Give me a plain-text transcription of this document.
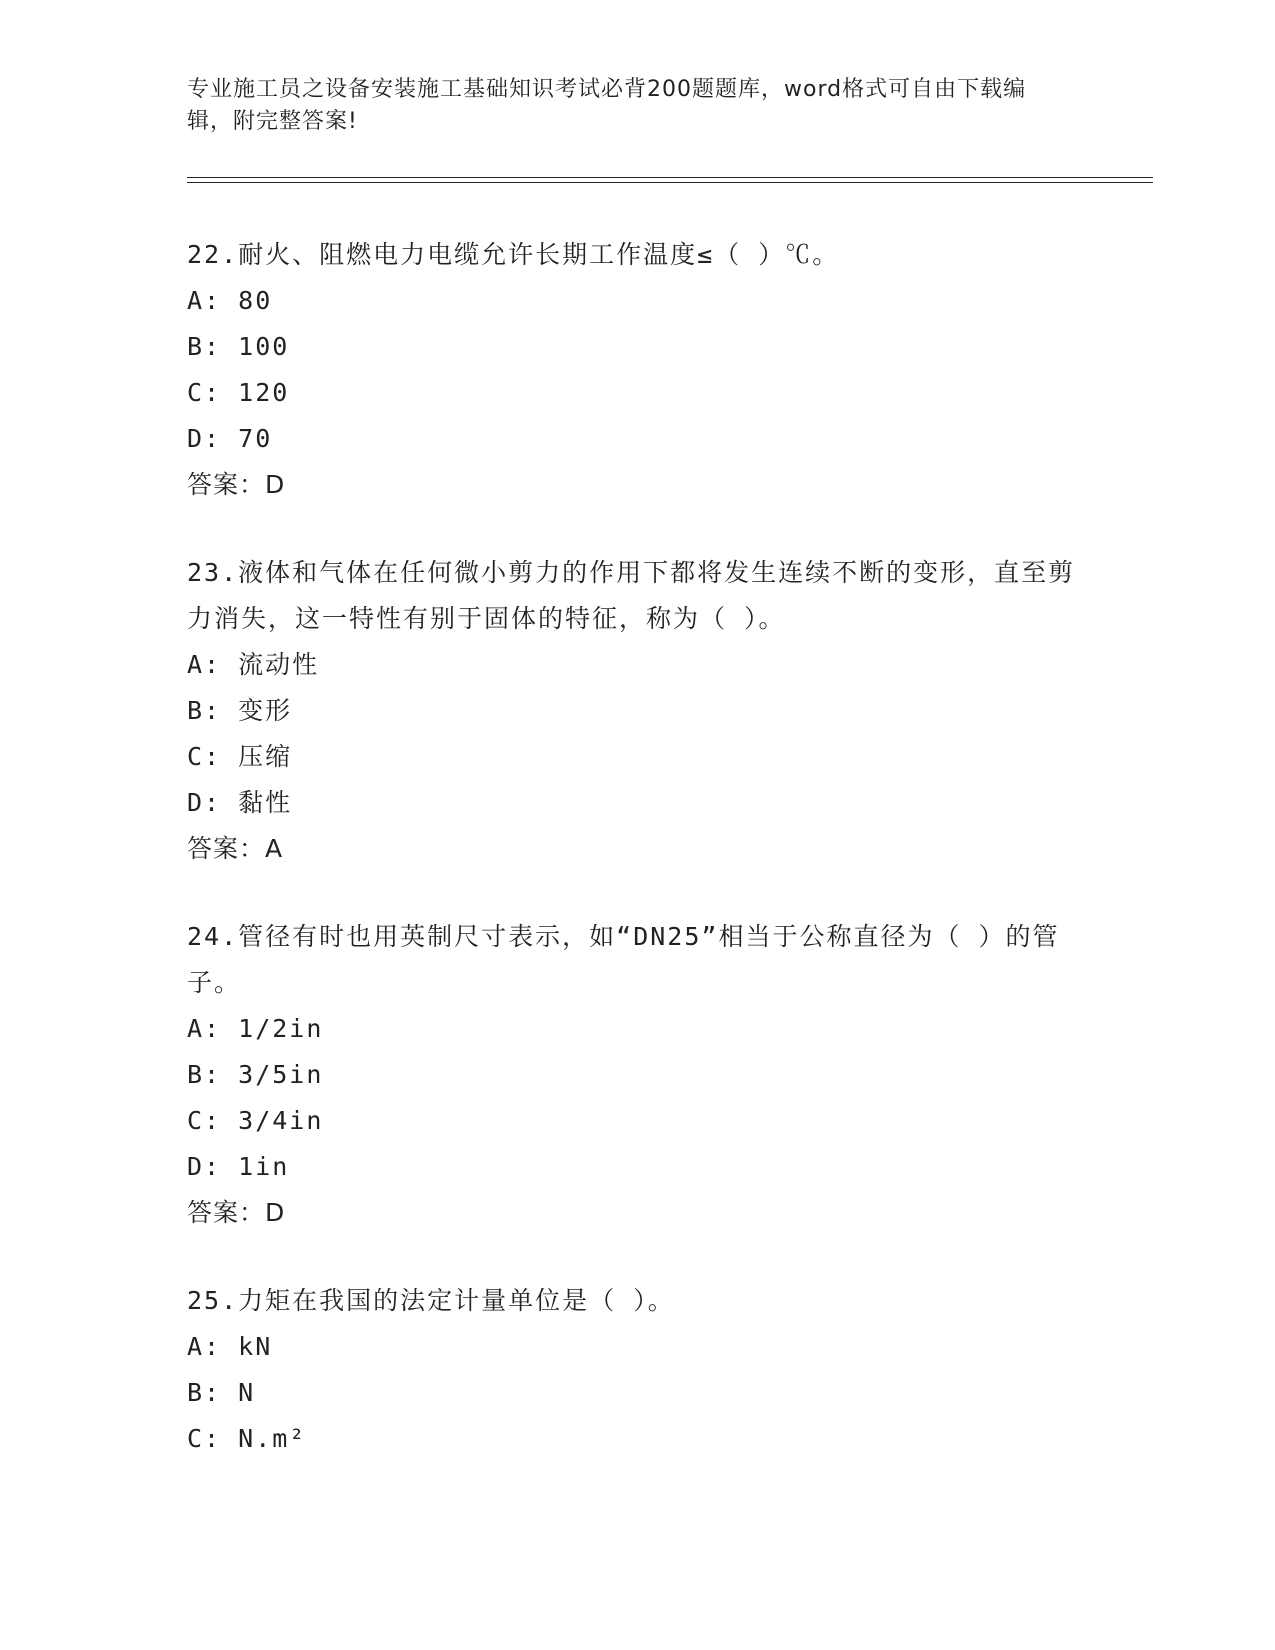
专业施工员之设备安装施工基础知识考试必背200题题库，word格式可自由下载编辑，附完整答案!

22.耐火、阻燃电力电缆允许长期工作温度≤（ ）℃。

A: 80

B: 100

C: 120

D: 70

答案：D

23.液体和气体在任何微小剪力的作用下都将发生连续不断的变形，直至剪力消失，这一特性有别于固体的特征，称为（ ）。

A: 流动性

B: 变形

C: 压缩

D: 黏性

答案：A

24.管径有时也用英制尺寸表示，如“DN25”相当于公称直径为（ ）的管子。

A: 1/2in

B: 3/5in

C: 3/4in

D: 1in

答案：D

25.力矩在我国的法定计量单位是（ ）。

A: kN

B: N

C: N.m²
